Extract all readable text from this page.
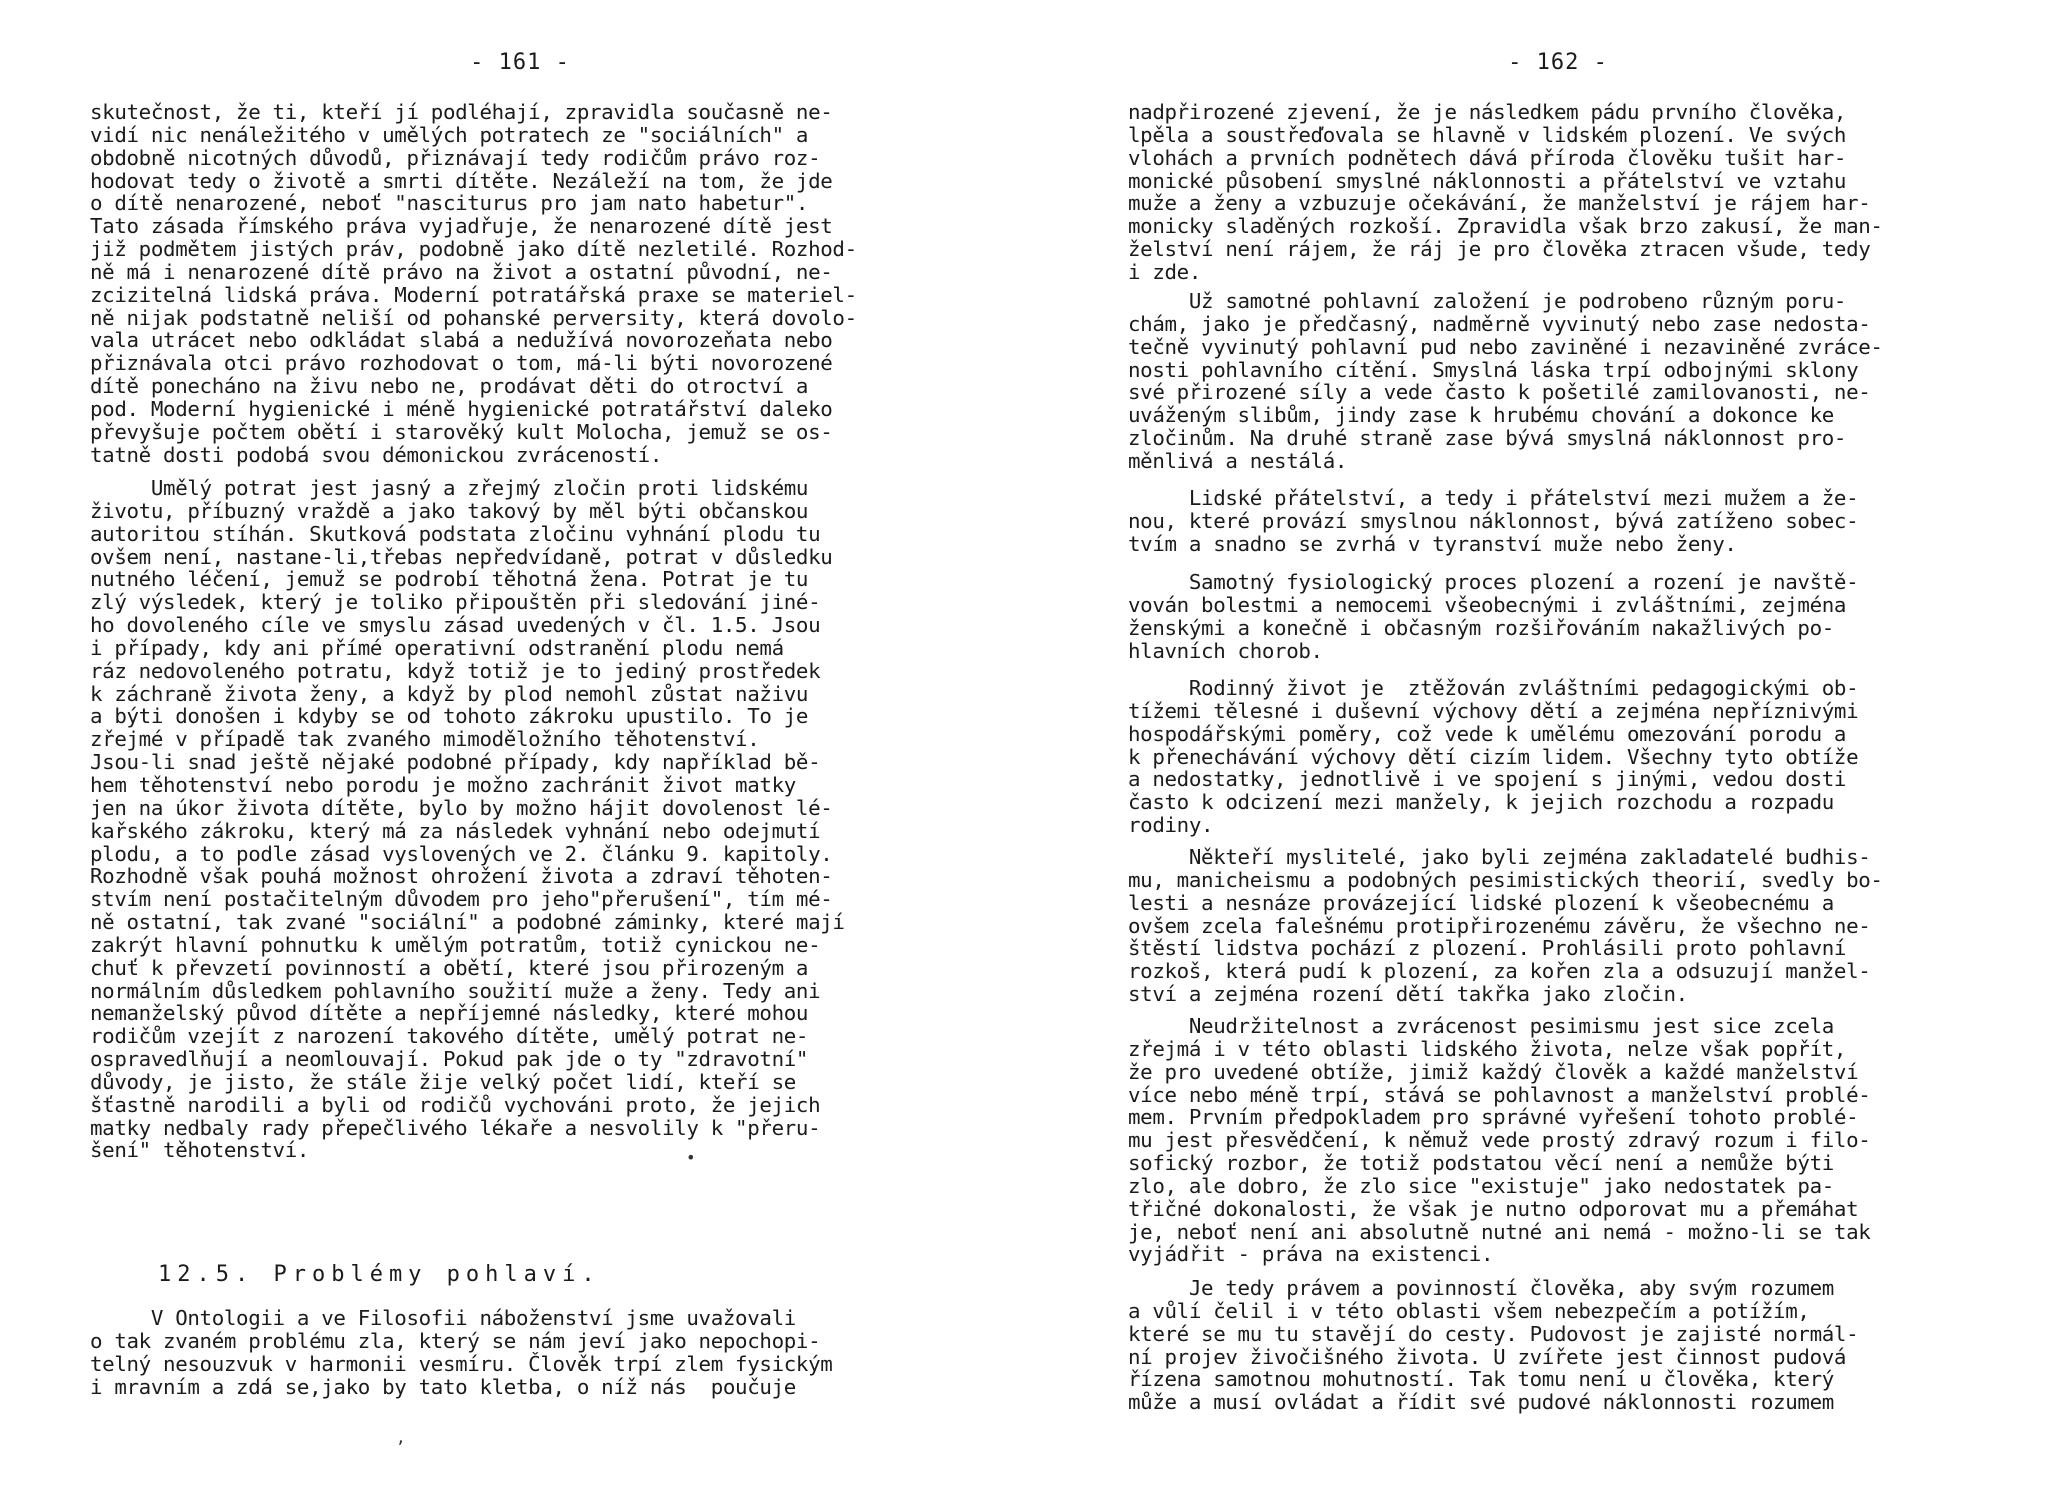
- 161 -
skutečnost, že ti, kteří jí podléhají, zpravidla současně ne-
vidí nic nenáležitého v umělých potratech ze "sociálních" a
obdobně nicotných důvodů, přiznávají tedy rodičům právo roz-
hodovat tedy o životě a smrti dítěte. Nezáleží na tom, že jde
o dítě nenarozené, neboť "nasciturus pro jam nato habetur".
Tato zásada římského práva vyjadřuje, že nenarozené dítě jest
již podmětem jistých práv, podobně jako dítě nezletilé. Rozhod-
ně má i nenarozené dítě právo na život a ostatní původní, ne-
zcizitelná lidská práva. Moderní potratářská praxe se materiel-
ně nijak podstatně neliší od pohanské perversity, která dovolo-
vala utrácet nebo odkládat slabá a nedužívá novorozeňata nebo
přiznávala otci právo rozhodovat o tom, má-li býti novorozené
dítě ponecháno na živu nebo ne, prodávat děti do otroctví a
pod. Moderní hygienické i méně hygienické potratářství daleko
převyšuje počtem obětí i starověký kult Molocha, jemuž se os-
tatně dosti podobá svou démonickou zvráceností.
Umělý potrat jest jasný a zřejmý zločin proti lidskému
životu, příbuzný vraždě a jako takový by měl býti občanskou
autoritou stíhán. Skutková podstata zločinu vyhnání plodu tu
ovšem není, nastane-li,třebas nepředvídaně, potrat v důsledku
nutného léčení, jemuž se podrobí těhotná žena. Potrat je tu
zlý výsledek, který je toliko připouštěn při sledování jiné-
ho dovoleného cíle ve smyslu zásad uvedených v čl. 1.5. Jsou
i případy, kdy ani přímé operativní odstranění plodu nemá
ráz nedovoleného potratu, když totiž je to jediný prostředek
k záchraně života ženy, a když by plod nemohl zůstat naživu
a býti donošen i kdyby se od tohoto zákroku upustilo. To je
zřejmé v případě tak zvaného mimoděložního těhotenství.
Jsou-li snad ještě nějaké podobné případy, kdy například bě-
hem těhotenství nebo porodu je možno zachránit život matky
jen na úkor života dítěte, bylo by možno hájit dovolenost lé-
kařského zákroku, který má za následek vyhnání nebo odejmutí
plodu, a to podle zásad vyslovených ve 2. článku 9. kapitoly.
Rozhodně však pouhá možnost ohrožení života a zdraví těhoten-
stvím není postačitelným důvodem pro jeho"přerušení", tím mé-
ně ostatní, tak zvané "sociální" a podobné záminky, které mají
zakrýt hlavní pohnutku k umělým potratům, totiž cynickou ne-
chuť k převzetí povinností a obětí, které jsou přirozeným a
normálním důsledkem pohlavního soužití muže a ženy. Tedy ani
nemanželský původ dítěte a nepříjemné následky, které mohou
rodičům vzejít z narození takového dítěte, umělý potrat ne-
ospravedlňují a neomlouvají. Pokud pak jde o ty "zdravotní"
důvody, je jisto, že stále žije velký počet lidí, kteří se
šťastně narodili a byli od rodičů vychováni proto, že jejich
matky nedbaly rady přepečlivého lékaře a nesvolily k "přeru-
šení" těhotenství.	•
12.5. Problémy pohlaví.
V Ontologii a ve Filosofii náboženství jsme uvažovali
o tak zvaném problému zla, který se nám jeví jako nepochopi-
telný nesouzvuk v harmonii vesmíru. Člověk trpí zlem fysickým
i mravním a zdá se,jako by tato kletba, o níž nás  poučuje
‚
- 162 -
nadpřirozené zjevení, že je následkem pádu prvního člověka,
lpěla a soustřeďovala se hlavně v lidském plození. Ve svých
vlohách a prvních podnětech dává příroda člověku tušit har-
monické působení smyslné náklonnosti a přátelství ve vztahu
muže a ženy a vzbuzuje očekávání, že manželství je rájem har-
monicky sladěných rozkoší. Zpravidla však brzo zakusí, že man-
želství není rájem, že ráj je pro člověka ztracen všude, tedy
i zde.
Už samotné pohlavní založení je podrobeno různým poru-
chám, jako je předčasný, nadměrně vyvinutý nebo zase nedosta-
tečně vyvinutý pohlavní pud nebo zaviněné i nezaviněné zvráce-
nosti pohlavního cítění. Smyslná láska trpí odbojnými sklony
své přirozené síly a vede často k pošetilé zamilovanosti, ne-
uváženým slibům, jindy zase k hrubému chování a dokonce ke
zločinům. Na druhé straně zase bývá smyslná náklonnost pro-
měnlivá a nestálá.
Lidské přátelství, a tedy i přátelství mezi mužem a že-
nou, které provází smyslnou náklonnost, bývá zatíženo sobec-
tvím a snadno se zvrhá v tyranství muže nebo ženy.
Samotný fysiologický proces plození a rození je navště-
vován bolestmi a nemocemi všeobecnými i zvláštními, zejména
ženskými a konečně i občasným rozšiřováním nakažlivých po-
hlavních chorob.
Rodinný život je  ztěžován zvláštními pedagogickými ob-
tížemi tělesné i duševní výchovy dětí a zejména nepříznivými
hospodářskými poměry, což vede k umělému omezování porodu a
k přenechávání výchovy dětí cizím lidem. Všechny tyto obtíže
a nedostatky, jednotlivě i ve spojení s jinými, vedou dosti
často k odcizení mezi manžely, k jejich rozchodu a rozpadu
rodiny.
Někteří myslitelé, jako byli zejména zakladatelé budhis-
mu, manicheismu a podobných pesimistických theorií, svedly bo-
lesti a nesnáze provázející lidské plození k všeobecnému a
ovšem zcela falešnému protipřirozenému závěru, že všechno ne-
štěstí lidstva pochází z plození. Prohlásili proto pohlavní
rozkoš, která pudí k plození, za kořen zla a odsuzují manžel-
ství a zejména rození dětí takřka jako zločin.
Neudržitelnost a zvrácenost pesimismu jest sice zcela
zřejmá i v této oblasti lidského života, nelze však popřít,
že pro uvedené obtíže, jimiž každý člověk a každé manželství
více nebo méně trpí, stává se pohlavnost a manželství problé-
mem. Prvním předpokladem pro správné vyřešení tohoto problé-
mu jest přesvědčení, k němuž vede prostý zdravý rozum i filo-
sofický rozbor, že totiž podstatou věcí není a nemůže býti
zlo, ale dobro, že zlo sice "existuje" jako nedostatek pa-
třičné dokonalosti, že však je nutno odporovat mu a přemáhat
je, neboť není ani absolutně nutné ani nemá - možno-li se tak
vyjádřit - práva na existenci.
Je tedy právem a povinností člověka, aby svým rozumem
a vůlí čelil i v této oblasti všem nebezpečím a potížím,
které se mu tu stavějí do cesty. Pudovost je zajisté normál-
ní projev živočišného života. U zvířete jest činnost pudová
řízena samotnou mohutností. Tak tomu není u člověka, který
může a musí ovládat a řídit své pudové náklonnosti rozumem
